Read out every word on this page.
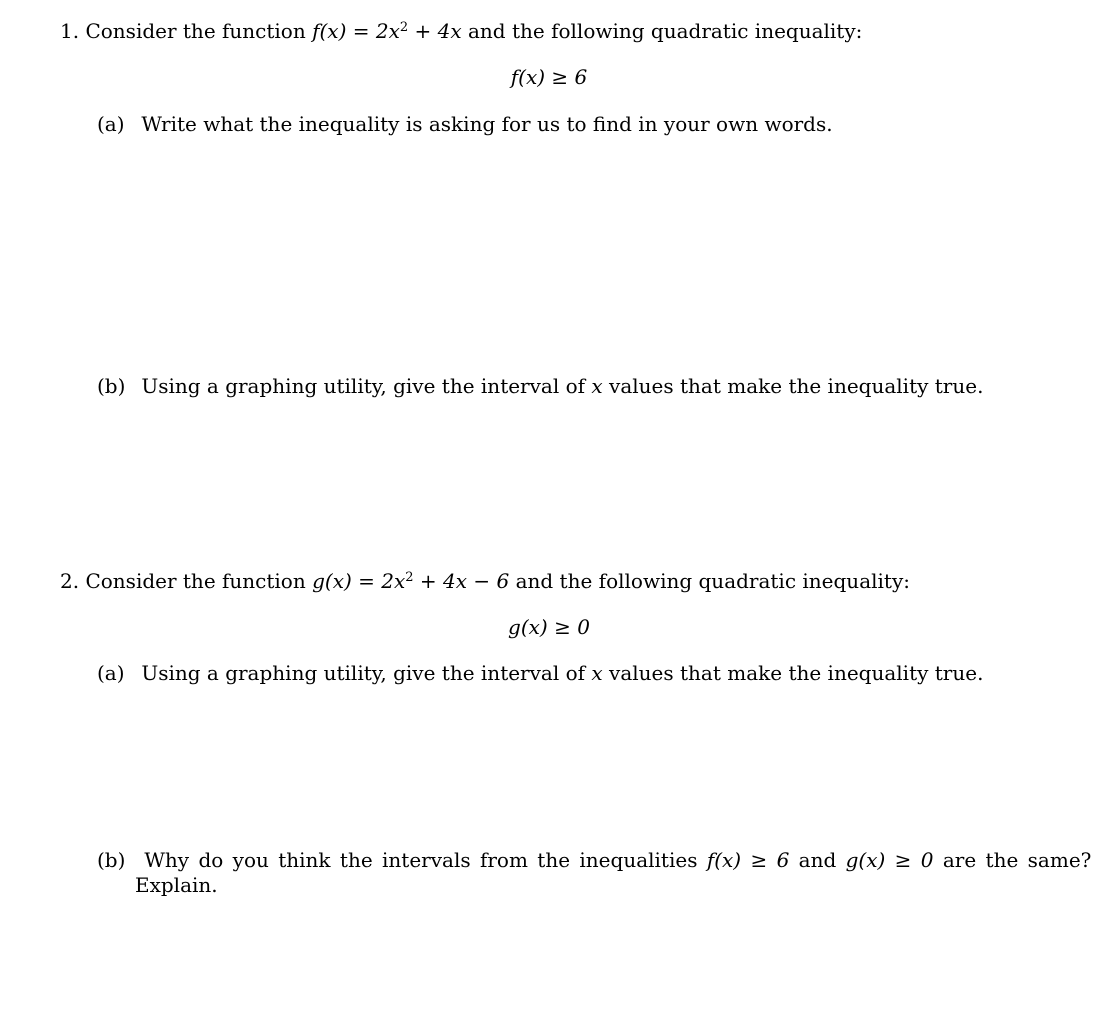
1. Consider the function $f(x) = 2x^2 + 4x$ and the following quadratic inequality:
f(x) ≥ 6
(a) Write what the inequality is asking for us to find in your own words.
(b) Using a graphing utility, give the interval of x values that make the inequality true.
2. Consider the function $g(x) = 2x^2 + 4x - 6$ and the following quadratic inequality:
g(x) ≥ 0
(a) Using a graphing utility, give the interval of x values that make the inequality true.
(b) Why do you think the intervals from the inequalities f(x) ≥ 6 and g(x) ≥ 0 are the same?
Explain.
